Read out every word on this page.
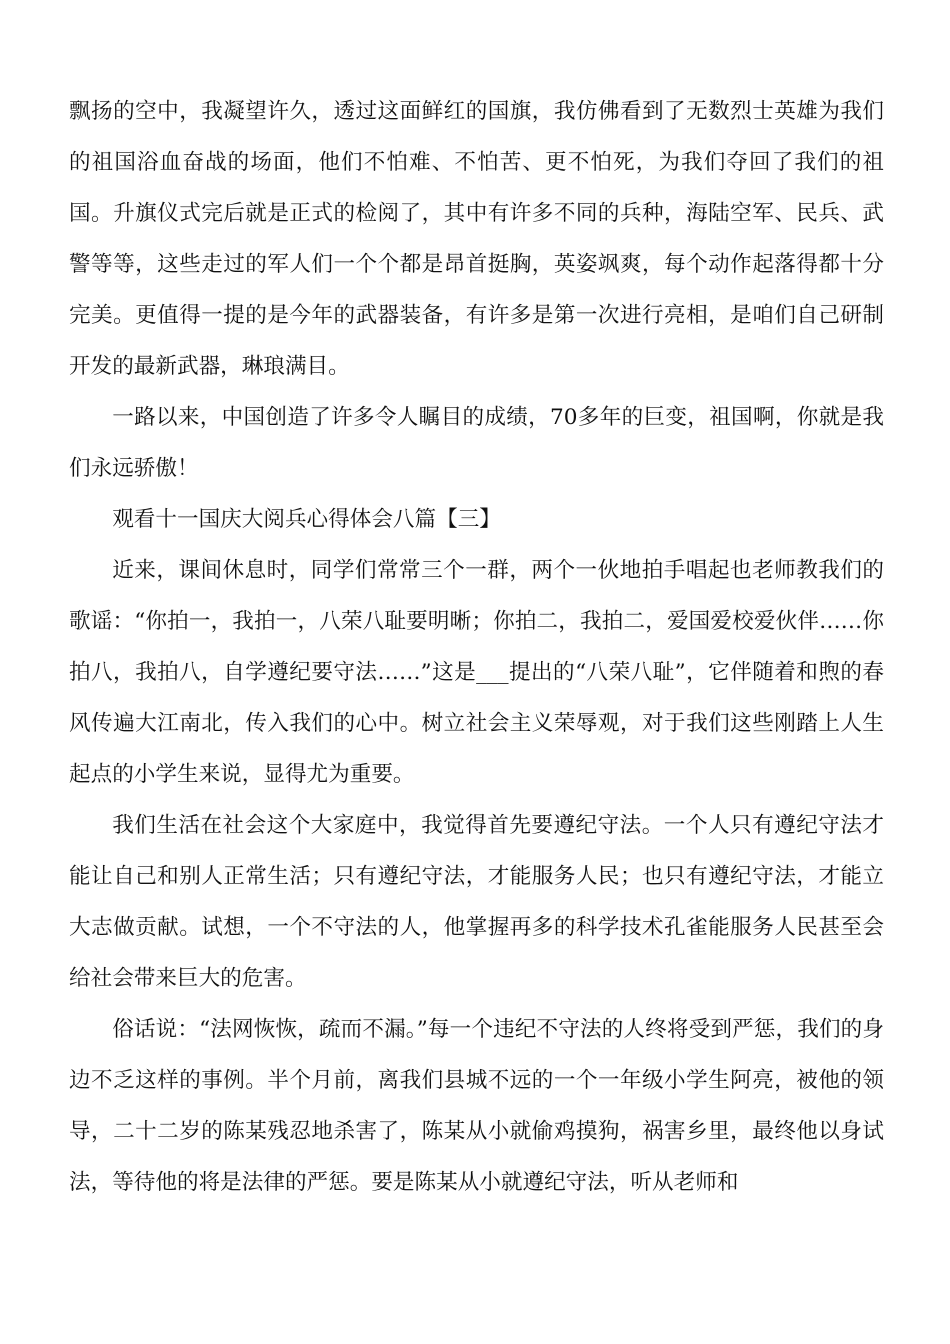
飘扬的空中，我凝望许久，透过这面鲜红的国旗，我仿佛看到了无数烈士英雄为我们的祖国浴血奋战的场面，他们不怕难、不怕苦、更不怕死，为我们夺回了我们的祖国。升旗仪式完后就是正式的检阅了，其中有许多不同的兵种，海陆空军、民兵、武警等等，这些走过的军人们一个个都是昂首挺胸，英姿飒爽，每个动作起落得都十分完美。更值得一提的是今年的武器装备，有许多是第一次进行亮相，是咱们自己研制开发的最新武器，琳琅满目。

一路以来，中国创造了许多令人瞩目的成绩，70多年的巨变，祖国啊，你就是我们永远骄傲！

观看十一国庆大阅兵心得体会八篇【三】

近来，课间休息时，同学们常常三个一群，两个一伙地拍手唱起也老师教我们的歌谣：“你拍一，我拍一，八荣八耻要明晰；你拍二，我拍二，爱国爱校爱伙伴……你拍八，我拍八，自学遵纪要守法……”这是___提出的“八荣八耻”，它伴随着和煦的春风传遍大江南北，传入我们的心中。树立社会主义荣辱观，对于我们这些刚踏上人生起点的小学生来说，显得尤为重要。

我们生活在社会这个大家庭中，我觉得首先要遵纪守法。一个人只有遵纪守法才能让自己和别人正常生活；只有遵纪守法，才能服务人民；也只有遵纪守法，才能立大志做贡献。试想，一个不守法的人，他掌握再多的科学技术孔雀能服务人民甚至会给社会带来巨大的危害。

俗话说：“法网恢恢，疏而不漏。”每一个违纪不守法的人终将受到严惩，我们的身边不乏这样的事例。半个月前，离我们县城不远的一个一年级小学生阿亮，被他的领导，二十二岁的陈某残忍地杀害了，陈某从小就偷鸡摸狗，祸害乡里，最终他以身试法，等待他的将是法律的严惩。要是陈某从小就遵纪守法，听从老师和
